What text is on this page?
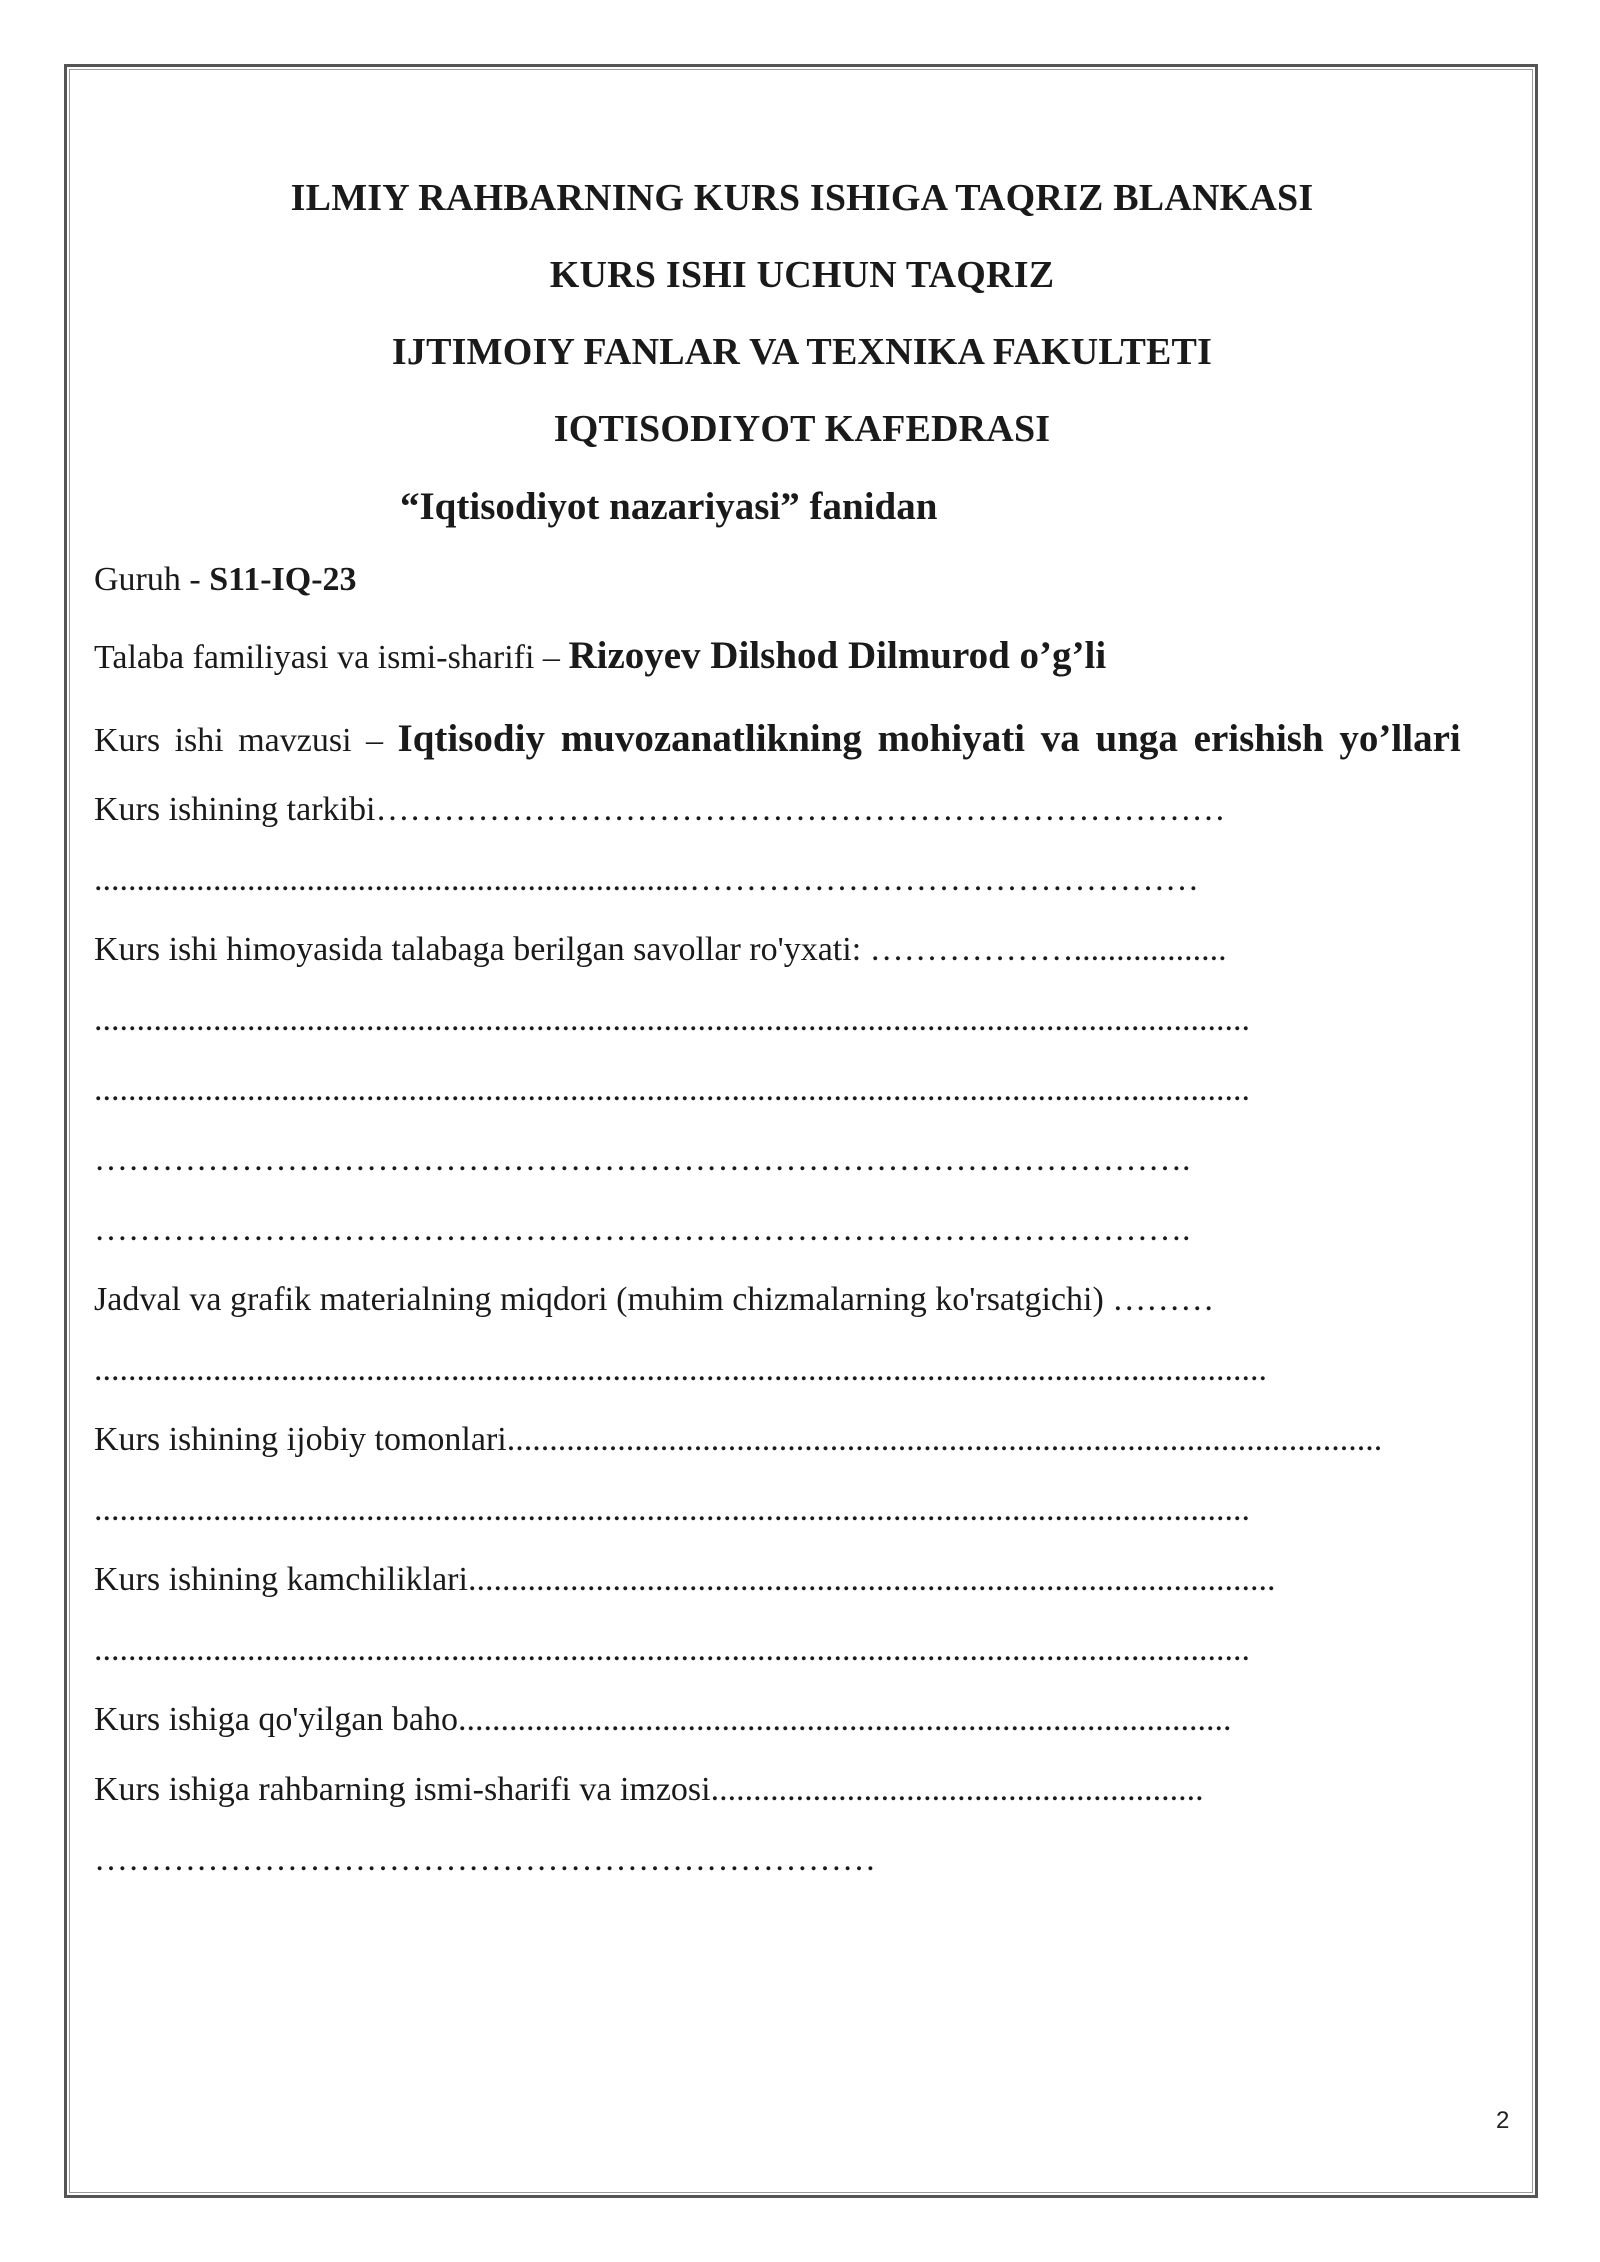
ILMIY RAHBARNING KURS ISHIGA TAQRIZ BLANKASI

KURS ISHI UCHUN TAQRIZ

IJTIMOIY FANLAR VA TEXNIKA FAKULTETI

IQTISODIYOT KAFEDRASI

“Iqtisodiyot nazariyasi” fanidan

Guruh - S11-IQ-23

Talaba familiyasi va ismi-sharifi – Rizoyev Dilshod Dilmurod o’g’li

Kurs ishi mavzusi – Iqtisodiy muvozanatlikning mohiyati va unga erishish yo’llari

Kurs ishining tarkibi…………………………………………………………………

......................................................................………………………………………

Kurs ishi himoyasida talabaga berilgan savollar ro'yxati: ………………..................

........................................................................................................................................

........................................................................................................................................

…………………………………………………………………………………….

…………………………………………………………………………………….

Jadval va grafik materialning miqdori (muhim chizmalarning ko'rsatgichi) ………

..........................................................................................................................................

Kurs ishining ijobiy tomonlari.......................................................................................................

........................................................................................................................................

Kurs ishining kamchiliklari...............................................................................................

........................................................................................................................................

Kurs ishiga qo'yilgan baho...........................................................................................

Kurs ishiga rahbarning ismi-sharifi va imzosi..........................................................

……………………………………………………………

2
